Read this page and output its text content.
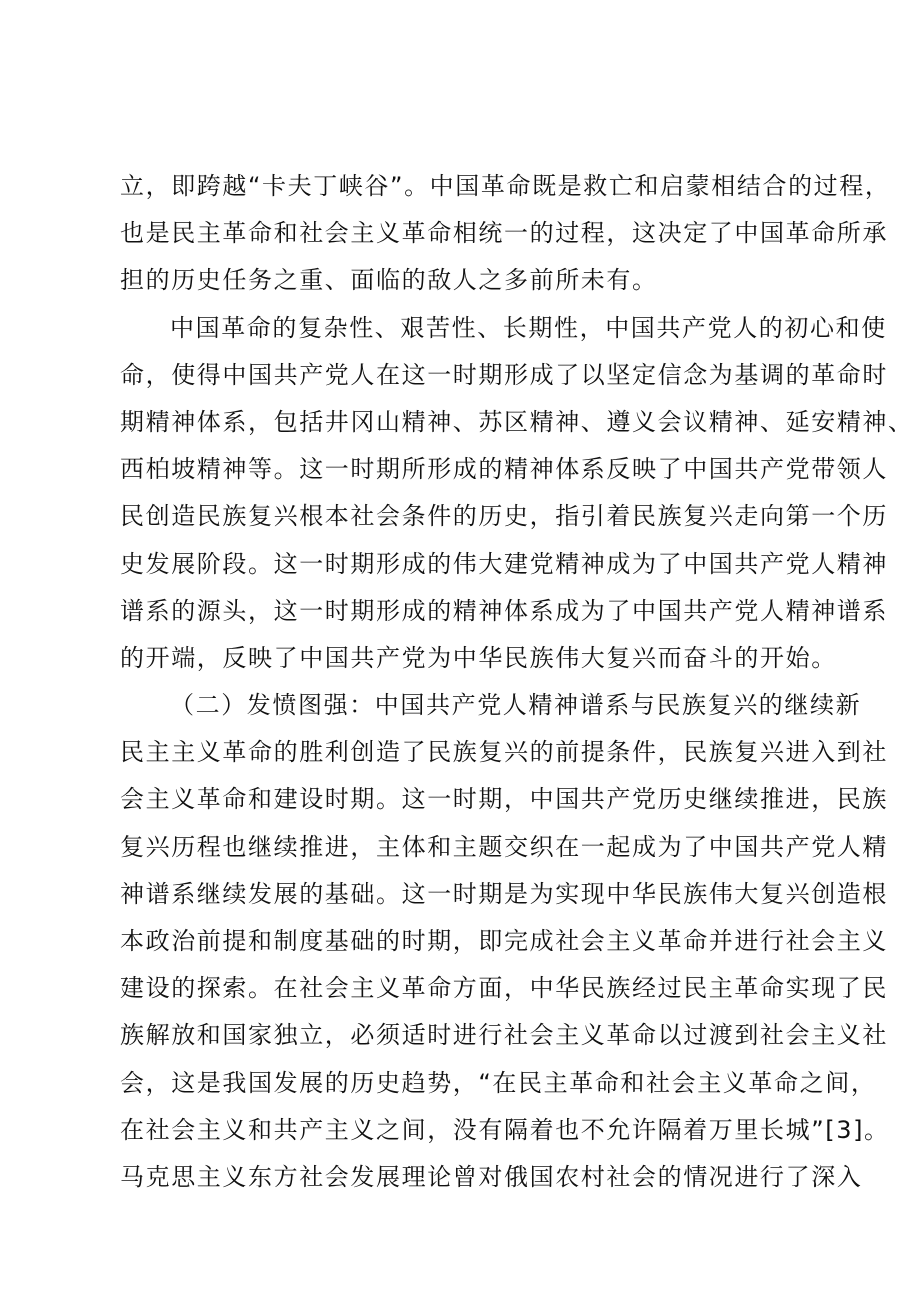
立，即跨越“卡夫丁峡谷”。中国革命既是救亡和启蒙相结合的过程，
也是民主革命和社会主义革命相统一的过程，这决定了中国革命所承
担的历史任务之重、面临的敌人之多前所未有。
中国革命的复杂性、艰苦性、长期性，中国共产党人的初心和使
命，使得中国共产党人在这一时期形成了以坚定信念为基调的革命时
期精神体系，包括井冈山精神、苏区精神、遵义会议精神、延安精神、
西柏坡精神等。这一时期所形成的精神体系反映了中国共产党带领人
民创造民族复兴根本社会条件的历史，指引着民族复兴走向第一个历
史发展阶段。这一时期形成的伟大建党精神成为了中国共产党人精神
谱系的源头，这一时期形成的精神体系成为了中国共产党人精神谱系
的开端，反映了中国共产党为中华民族伟大复兴而奋斗的开始。
（二）发愤图强：中国共产党人精神谱系与民族复兴的继续新
民主主义革命的胜利创造了民族复兴的前提条件，民族复兴进入到社
会主义革命和建设时期。这一时期，中国共产党历史继续推进，民族
复兴历程也继续推进，主体和主题交织在一起成为了中国共产党人精
神谱系继续发展的基础。这一时期是为实现中华民族伟大复兴创造根
本政治前提和制度基础的时期，即完成社会主义革命并进行社会主义
建设的探索。在社会主义革命方面，中华民族经过民主革命实现了民
族解放和国家独立，必须适时进行社会主义革命以过渡到社会主义社
会，这是我国发展的历史趋势，“在民主革命和社会主义革命之间，
在社会主义和共产主义之间，没有隔着也不允许隔着万里长城”[3]。
马克思主义东方社会发展理论曾对俄国农村社会的情况进行了深入
